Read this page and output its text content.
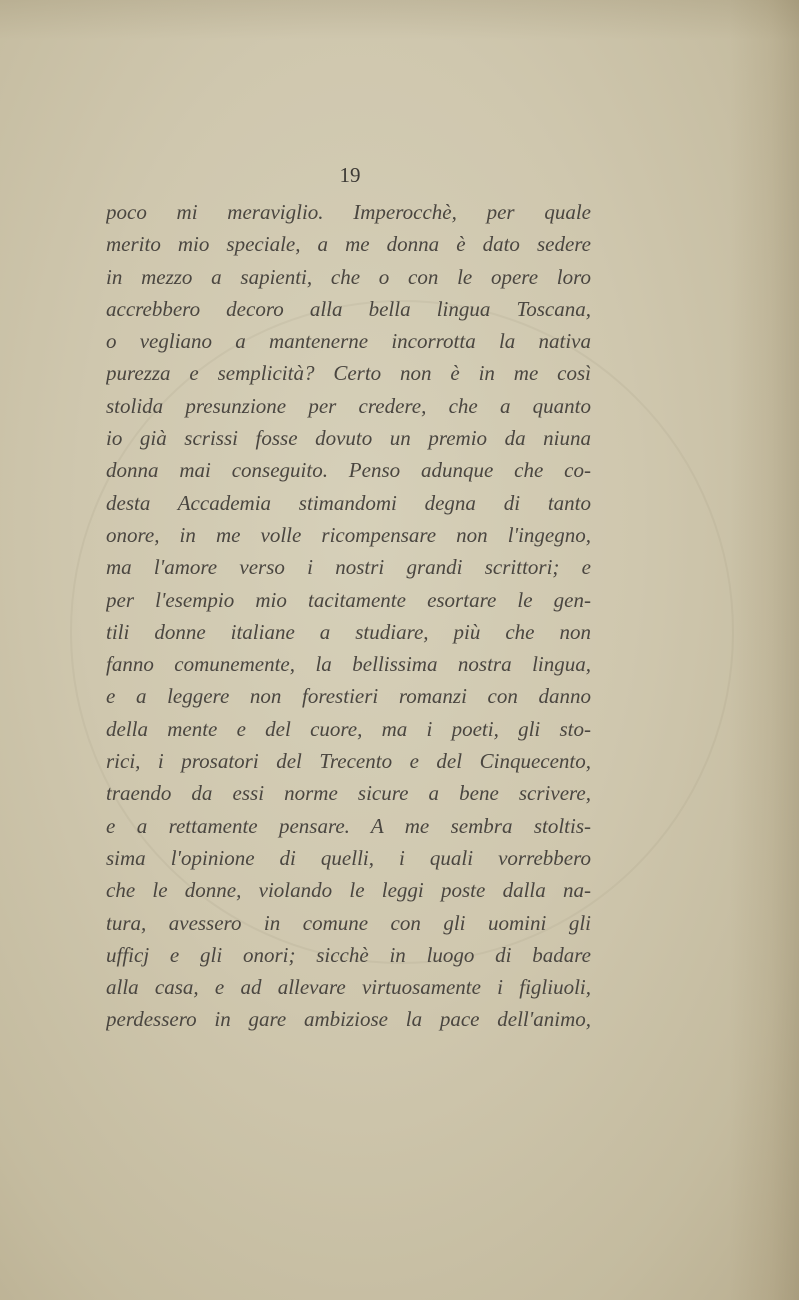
19
poco mi meraviglio. Imperocchè, per quale
merito mio speciale, a me donna è dato sedere
in mezzo a sapienti, che o con le opere loro
accrebbero decoro alla bella lingua Toscana,
o vegliano a mantenerne incorrotta la nativa
purezza e semplicità? Certo non è in me così
stolida presunzione per credere, che a quanto
io già scrissi fosse dovuto un premio da niuna
donna mai conseguito. Penso adunque che co-
desta Accademia stimandomi degna di tanto
onore, in me volle ricompensare non l'ingegno,
ma l'amore verso i nostri grandi scrittori; e
per l'esempio mio tacitamente esortare le gen-
tili donne italiane a studiare, più che non
fanno comunemente, la bellissima nostra lingua,
e a leggere non forestieri romanzi con danno
della mente e del cuore, ma i poeti, gli sto-
rici, i prosatori del Trecento e del Cinquecento,
traendo da essi norme sicure a bene scrivere,
e a rettamente pensare. A me sembra stoltis-
sima l'opinione di quelli, i quali vorrebbero
che le donne, violando le leggi poste dalla na-
tura, avessero in comune con gli uomini gli
ufficj e gli onori; sicchè in luogo di badare
alla casa, e ad allevare virtuosamente i figliuoli,
perdessero in gare ambiziose la pace dell'animo,
